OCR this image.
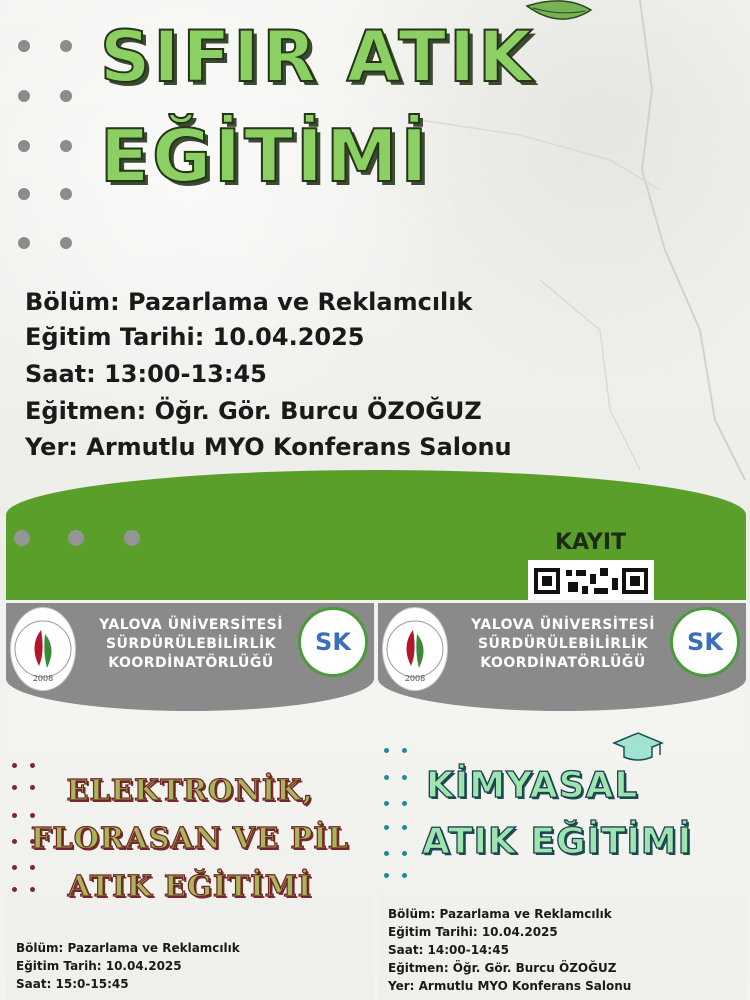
SIFIR ATIK
EĞİTİMİ

Bölüm: Pazarlama ve Reklamcılık

Eğitim Tarihi: 10.04.2025

Saat: 13:00-13:45

Eğitmen: Öğr. Gör. Burcu ÖZOĞUZ

Yer: Armutlu MYO Konferans Salonu

KAYIT

2008

YALOVA ÜNİVERSİTESİ

SÜRDÜRÜLEBİLİRLİK

KOORDİNATÖRLÜĞÜ

SK

ELEKTRONİK,

FLORASAN VE PİL

ATIK EĞİTİMİ

Bölüm: Pazarlama ve Reklamcılık

Eğitim Tarih: 10.04.2025

Saat: 15:0-15:45

2008

YALOVA ÜNİVERSİTESİ

SÜRDÜRÜLEBİLİRLİK

KOORDİNATÖRLÜĞÜ

SK

KİMYASAL

ATIK EĞİTİMİ

Bölüm: Pazarlama ve Reklamcılık

Eğitim Tarihi: 10.04.2025

Saat: 14:00-14:45

Eğitmen: Öğr. Gör. Burcu ÖZOĞUZ

Yer: Armutlu MYO Konferans Salonu
